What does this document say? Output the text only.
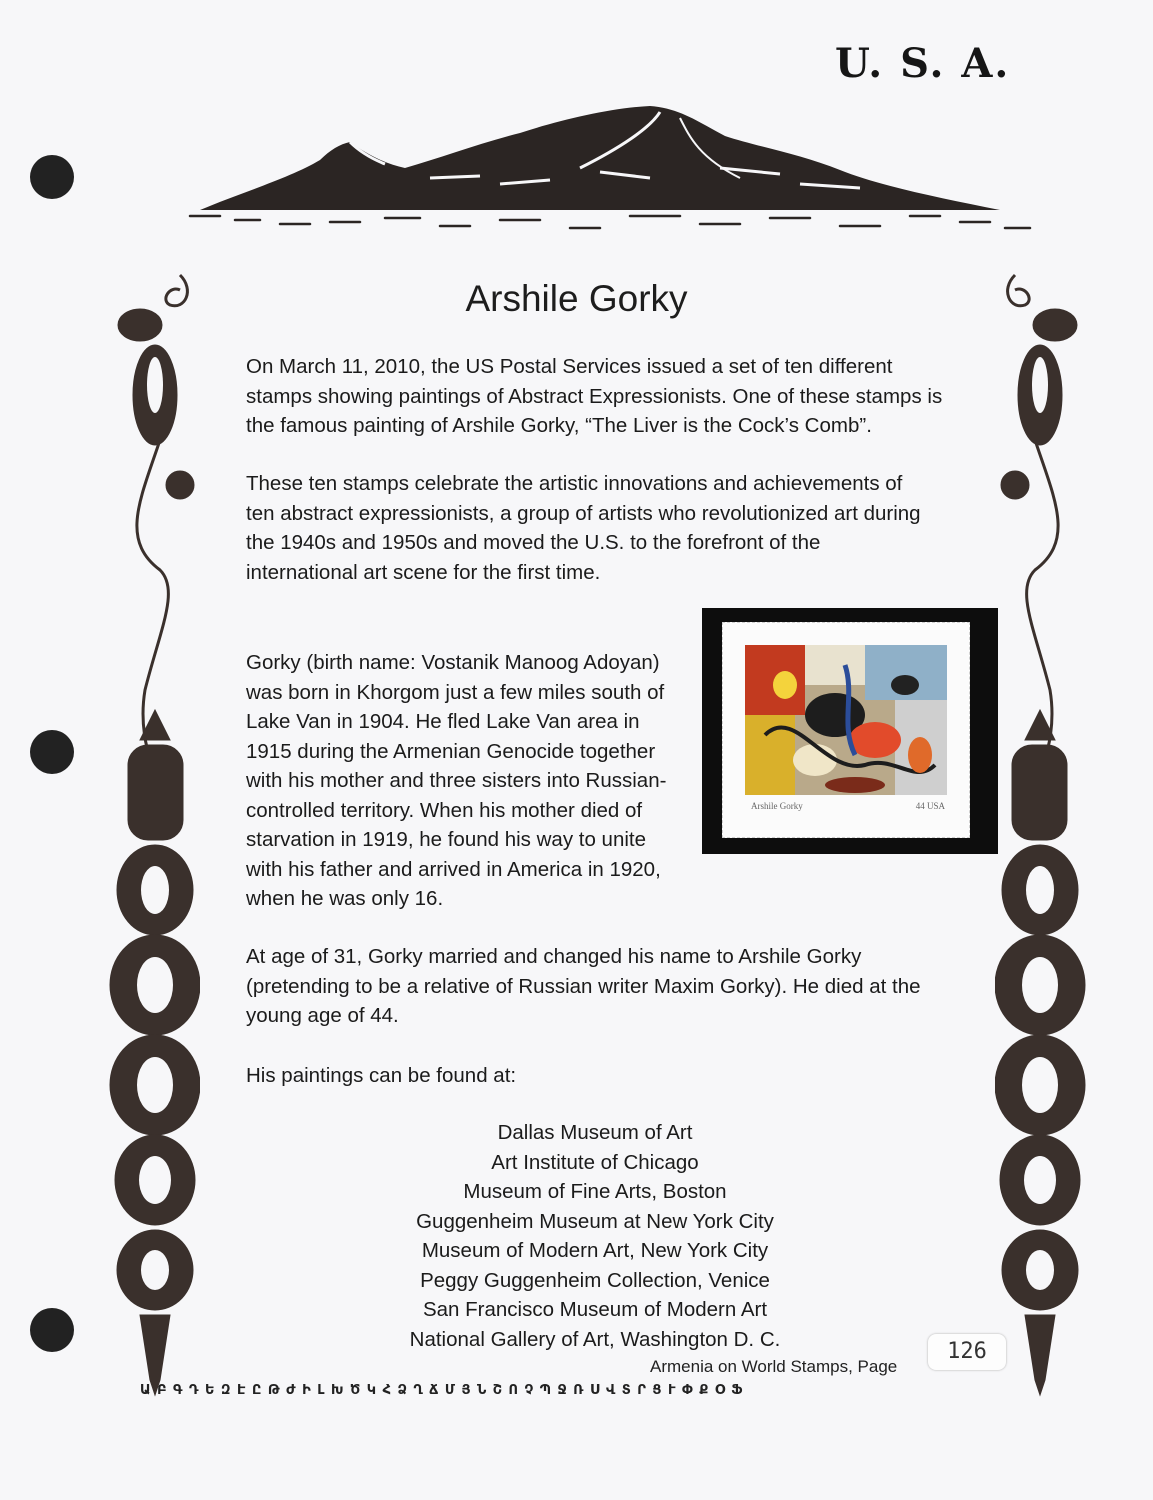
U. S. A.
Arshile Gorky

On March 11, 2010, the US Postal Services issued a set of ten different stamps showing paintings of Abstract Expressionists. One of these stamps is the famous painting of Arshile Gorky, “The Liver is the Cock’s Comb”.

These ten stamps celebrate the artistic innovations and achievements of ten abstract expressionists, a group of artists who revolutionized art during the 1940s and 1950s and moved the U.S. to the forefront of the international art scene for the first time.

Gorky (birth name: Vostanik Manoog Adoyan) was born in Khorgom just a few miles south of Lake Van in 1904. He fled Lake Van area in 1915 during the Armenian Genocide together with his mother and three sisters into Russian-controlled territory. When his mother died of starvation in 1919, he found his way to unite with his father and arrived in America in 1920, when he was only 16.

At age of 31, Gorky married and changed his name to Arshile Gorky (pretending to be a relative of Russian writer Maxim Gorky). He died at the young age of 44.

His paintings can be found at:

Arshile Gorky	44 USA
Dallas Museum of Art
Art Institute of Chicago
Museum of Fine Arts, Boston
Guggenheim Museum at New York City
Museum of Modern Art, New York City
Peggy Guggenheim Collection, Venice
San Francisco Museum of Modern Art
National Gallery of Art, Washington D. C.
Armenia on World Stamps, Page
126
ԱԲԳԴԵԶԷԸԹԺԻԼԽԾԿՀՁՂՃՄՅՆՇՈՉՊՋՌՍՎՏՐՑՒՓՔՕՖ
